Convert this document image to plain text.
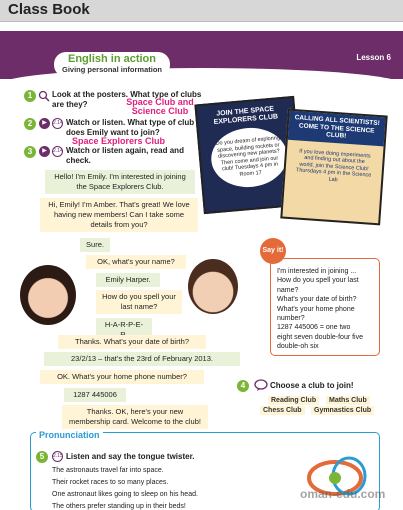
Class Book
English in action
Giving personal information
Lesson 6
1	Look at the posters. What type of clubs are they?	Space Club and Science Club
2	▶	2.14 Watch or listen. What type of club does Emily want to join?
Space Explorers Club
3	▶	2.14 Watch or listen again, read and check.
JOIN THE SPACE EXPLORERS CLUB
Do you dream of exploring space, building rockets or discovering new planets? Then come and join our club! Tuesdays 4 pm in Room 17
CALLING ALL SCIENTISTS! COME TO THE SCIENCE CLUB!
If you love doing experiments and finding out about the world, join the Science Club! Thursdays 4 pm in the Science Lab
Hello! I'm Emily. I'm interested in joining the Space Explorers Club.
Hi, Emily! I'm Amber. That's great! We love having new members! Can I take some details from you?
Sure.
OK, what's your name?
Emily Harper.
How do you spell your last name?
H-A-R-P-E-
Thanks. What's your date of birth?
23/2/13 – that's the 23rd of February 2013.
OK. What's your home phone number?
1287 445006
Thanks. OK, here's your new membership card. Welcome to the club!
I'm interested in joining ...
How do you spell your last
name?
What's your date of birth?
What's your home phone
number?
1287 445006 = one two
eight seven double-four five
double-oh six
Say it!
4	Choose a club to join!
Reading Club	Maths Club
Chess Club	Gymnastics Club
Pronunciation
5	2.15 Listen and say the tongue twister.
The astronauts travel far into space.
Their rocket races to so many places.
One astronaut likes going to sleep on his head.
The others prefer standing up in their beds!
oman-edu.com
